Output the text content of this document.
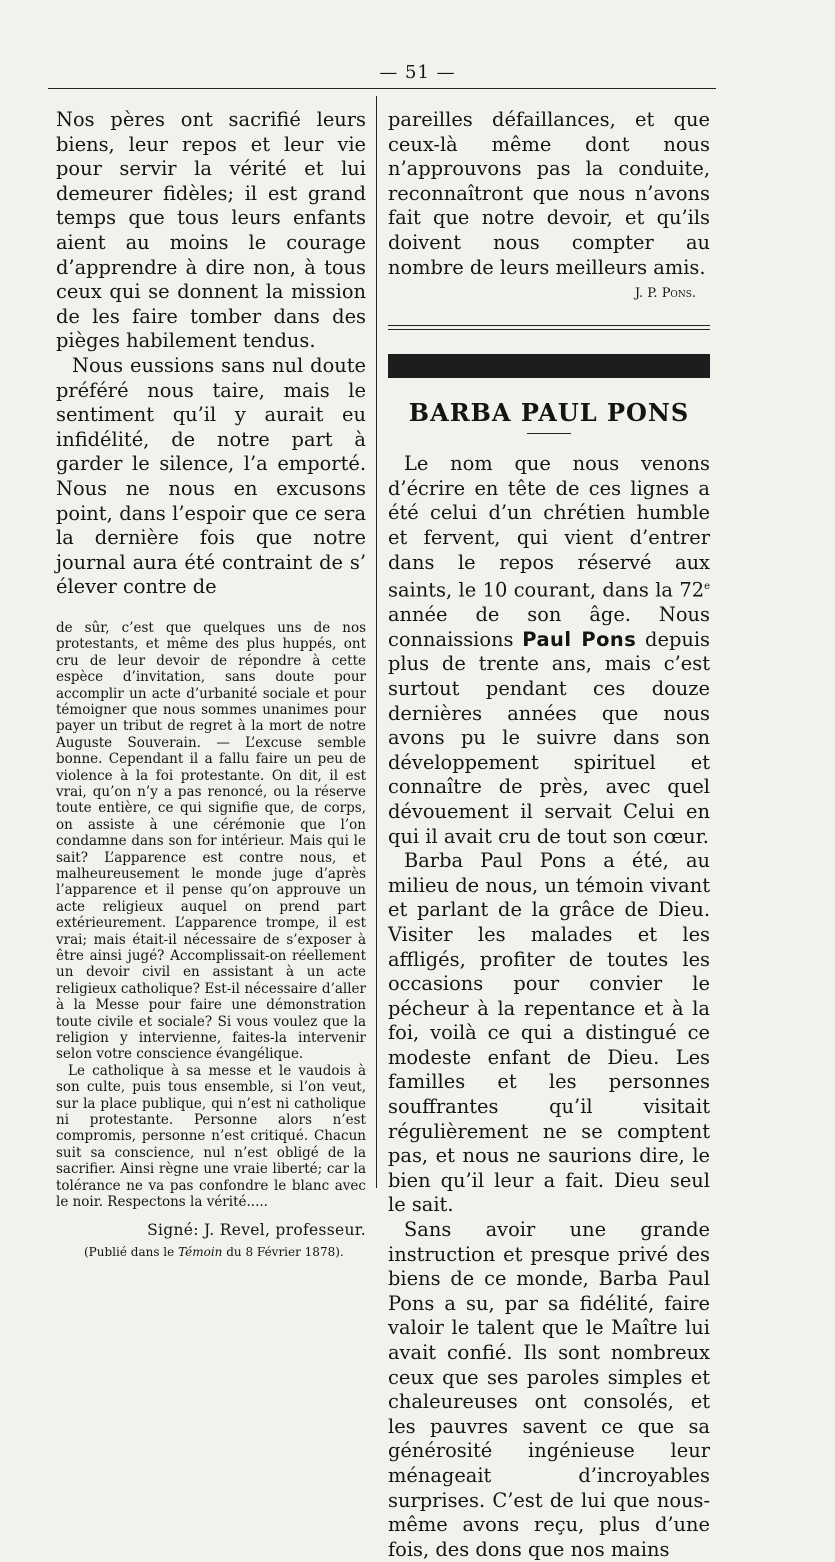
— 51 —

Nos pères ont sacrifié leurs biens, leur repos et leur vie pour servir la vérité et lui demeurer fidèles; il est grand temps que tous leurs enfants aient au moins le courage d’apprendre à dire non, à tous ceux qui se donnent la mission de les faire tomber dans des pièges habilement tendus.

Nous eussions sans nul doute préféré nous taire, mais le sentiment qu’il y aurait eu infidélité, de notre part à garder le silence, l’a emporté. Nous ne nous en excusons point, dans l’espoir que ce sera la dernière fois que notre journal aura été contraint de s’ élever contre de

de sûr, c’est que quelques uns de nos protestants, et même des plus huppés, ont cru de leur devoir de répondre à cette espèce d’invitation, sans doute pour accomplir un acte d’urbanité sociale et pour témoigner que nous sommes unanimes pour payer un tribut de regret à la mort de notre Auguste Souverain. — L’excuse semble bonne. Cependant il a fallu faire un peu de violence à la foi protestante. On dit, il est vrai, qu’on n’y a pas renoncé, ou la réserve toute entière, ce qui signifie que, de corps, on assiste à une cérémonie que l’on condamne dans son for intérieur. Mais qui le sait? L’apparence est contre nous, et malheureusement le monde juge d’après l’apparence et il pense qu’on approuve un acte religieux auquel on prend part extérieurement. L’apparence trompe, il est vrai; mais était-il nécessaire de s’exposer à être ainsi jugé? Accomplissait-on réellement un devoir civil en assistant à un acte religieux catholique? Est-il nécessaire d’aller à la Messe pour faire une démonstration toute civile et sociale? Si vous voulez que la religion y intervienne, faites-la intervenir selon votre conscience évangélique.

Le catholique à sa messe et le vaudois à son culte, puis tous ensemble, si l’on veut, sur la place publique, qui n’est ni catholique ni protestante. Personne alors n’est compromis, personne n’est critiqué. Chacun suit sa conscience, nul n’est obligé de la sacrifier. Ainsi règne une vraie liberté; car la tolérance ne va pas confondre le blanc avec le noir. Respectons la vérité.....

Signé: J. Revel, professeur.
(Publié dans le Témoin du 8 Février 1878).

pareilles défaillances, et que ceux-là même dont nous n’approuvons pas la conduite, reconnaîtront que nous n’avons fait que notre devoir, et qu’ils doivent nous compter au nombre de leurs meilleurs amis.

J. P. Pons.
BARBA PAUL PONS

Le nom que nous venons d’écrire en tête de ces lignes a été celui d’un chrétien humble et fervent, qui vient d’entrer dans le repos réservé aux saints, le 10 courant, dans la 72e année de son âge. Nous connaissions Paul Pons depuis plus de trente ans, mais c’est surtout pendant ces douze dernières années que nous avons pu le suivre dans son développement spirituel et connaître de près, avec quel dévouement il servait Celui en qui il avait cru de tout son cœur.

Barba Paul Pons a été, au milieu de nous, un témoin vivant et parlant de la grâce de Dieu. Visiter les malades et les affligés, profiter de toutes les occasions pour convier le pécheur à la repentance et à la foi, voilà ce qui a distingué ce modeste enfant de Dieu. Les familles et les personnes souffrantes qu’il visitait régulièrement ne se comptent pas, et nous ne saurions dire, le bien qu’il leur a fait. Dieu seul le sait.

Sans avoir une grande instruction et presque privé des biens de ce monde, Barba Paul Pons a su, par sa fidélité, faire valoir le talent que le Maître lui avait confié. Ils sont nombreux ceux que ses paroles simples et chaleureuses ont consolés, et les pauvres savent ce que sa générosité ingénieuse leur ménageait d’incroyables surprises. C’est de lui que nous-même avons reçu, plus d’une fois, des dons que nos mains
